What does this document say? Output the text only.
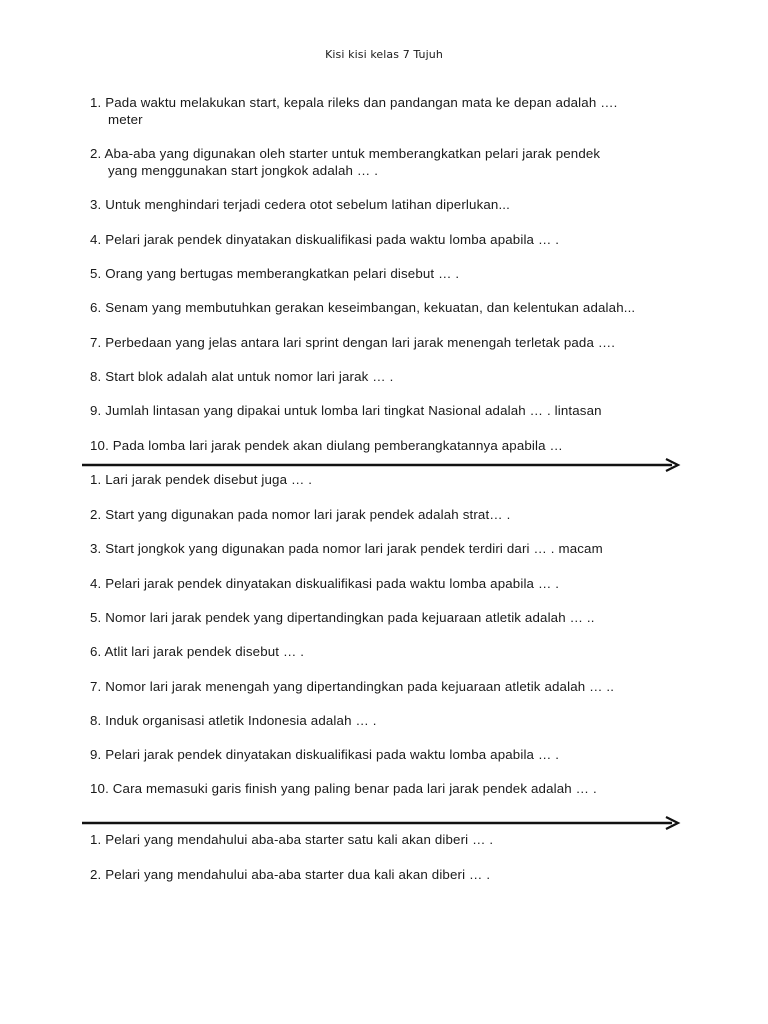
Kisi kisi kelas 7 Tujuh
1. Pada waktu melakukan start, kepala rileks dan pandangan mata ke depan adalah ….
meter
2. Aba-aba yang digunakan oleh starter untuk memberangkatkan pelari jarak pendek
yang menggunakan start jongkok adalah … .
3. Untuk menghindari terjadi cedera otot sebelum latihan diperlukan...
4. Pelari jarak pendek dinyatakan diskualifikasi pada waktu lomba apabila … .
5. Orang yang bertugas memberangkatkan pelari disebut … .
6. Senam yang membutuhkan gerakan keseimbangan, kekuatan, dan kelentukan adalah...
7. Perbedaan yang jelas antara lari sprint dengan lari jarak menengah terletak pada ….
8. Start blok adalah alat untuk nomor lari jarak … .
9. Jumlah lintasan yang dipakai untuk lomba lari tingkat Nasional adalah … . lintasan
10. Pada lomba lari jarak pendek akan diulang pemberangkatannya apabila …
1. Lari jarak pendek disebut juga … .
2. Start yang digunakan pada nomor lari jarak pendek adalah strat… .
3. Start jongkok yang digunakan pada nomor lari jarak pendek terdiri dari … . macam
4. Pelari jarak pendek dinyatakan diskualifikasi pada waktu lomba apabila … .
5. Nomor lari jarak pendek yang dipertandingkan pada kejuaraan atletik adalah … ..
6. Atlit lari jarak pendek disebut … .
7. Nomor lari jarak menengah yang dipertandingkan pada kejuaraan atletik adalah … ..
8. Induk organisasi atletik Indonesia adalah … .
9. Pelari jarak pendek dinyatakan diskualifikasi pada waktu lomba apabila … .
10. Cara memasuki garis finish yang paling benar pada lari jarak pendek adalah … .
1. Pelari yang mendahului aba-aba starter satu kali akan diberi … .
2. Pelari yang mendahului aba-aba starter dua kali akan diberi … .
